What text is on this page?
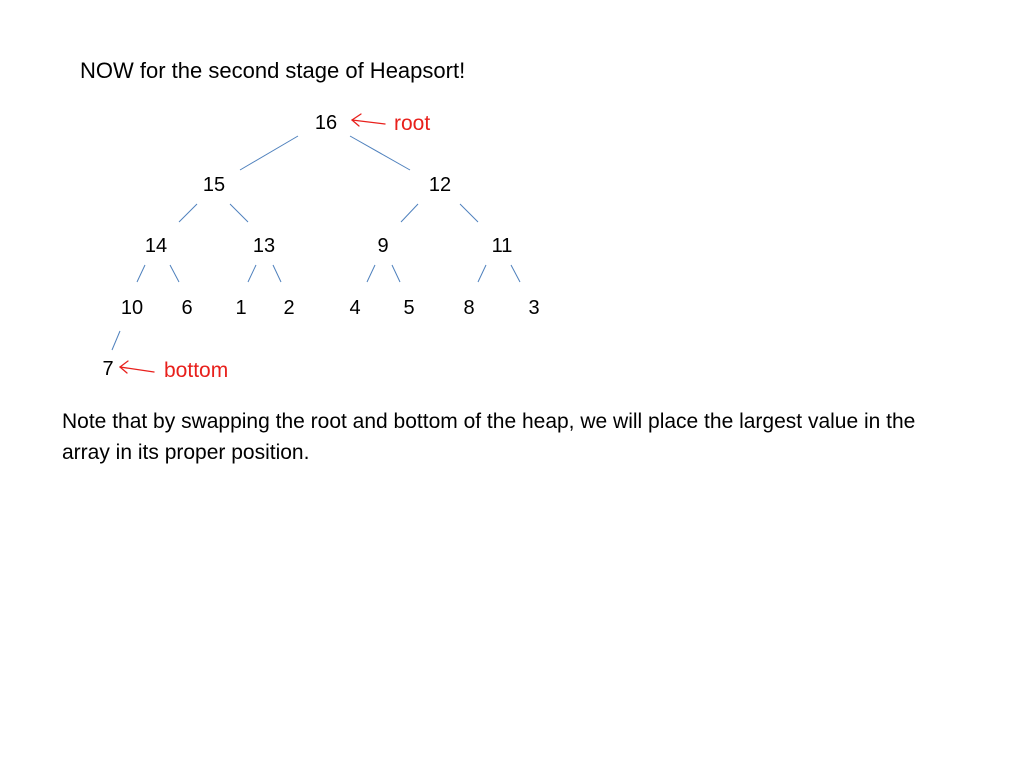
NOW for the second stage of Heapsort!
16
15	12
14	13	9	11
10	6	1	2	4	5	8	3
7
root
bottom
Note that by swapping the root and bottom of the heap, we will place the largest value in the array in its proper position.
